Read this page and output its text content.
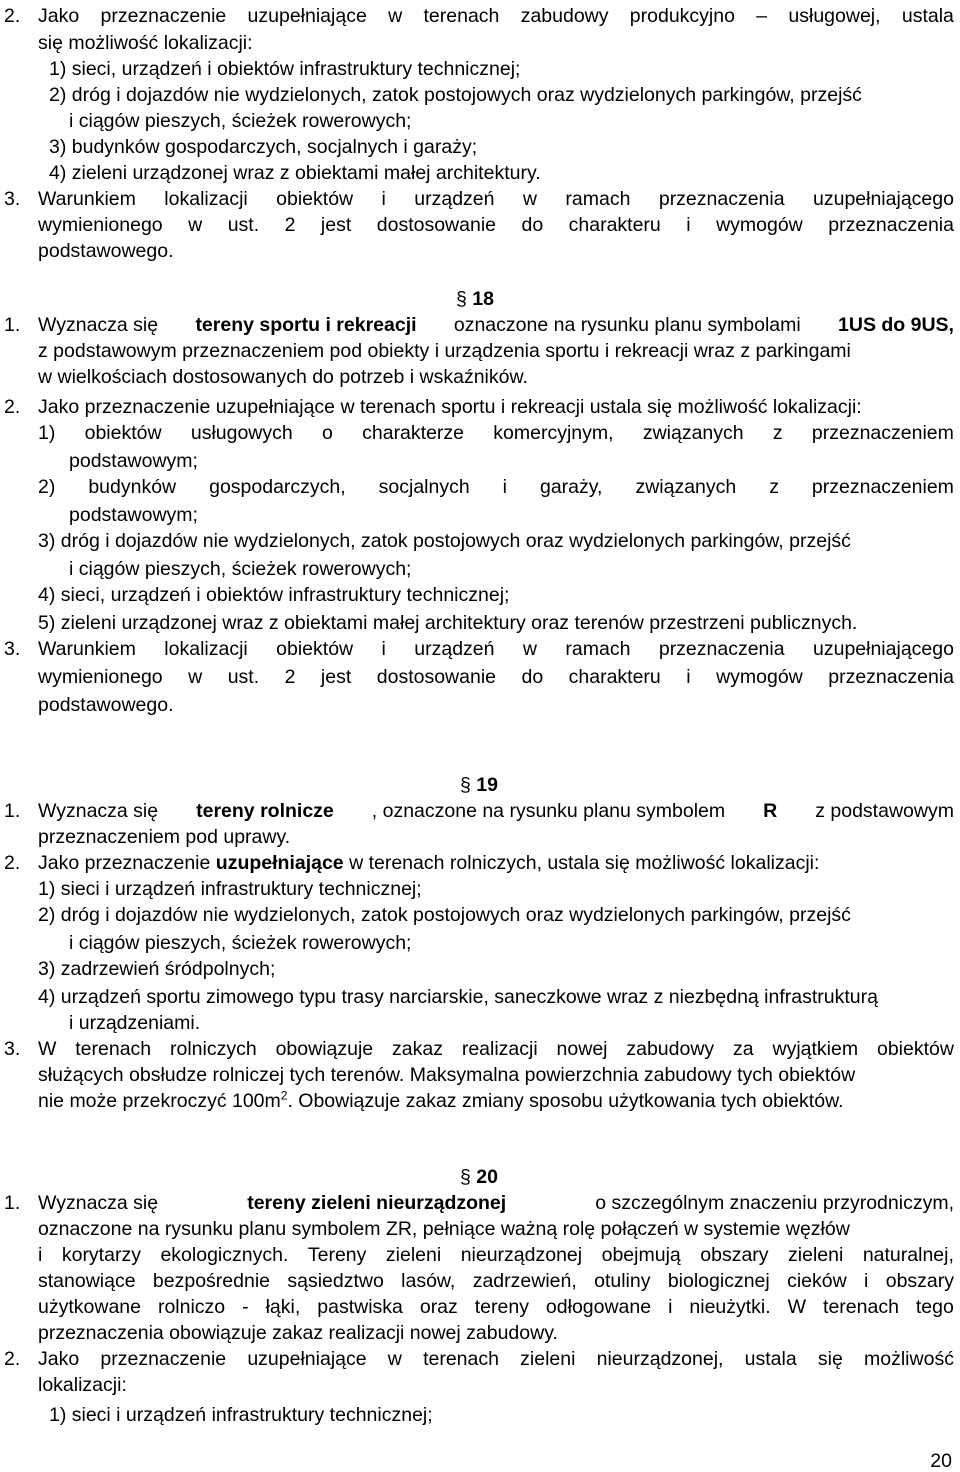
2. Jako przeznaczenie uzupełniające w terenach zabudowy produkcyjno – usługowej, ustala
się możliwość lokalizacji:
1) sieci, urządzeń i obiektów infrastruktury technicznej;
2) dróg i dojazdów nie wydzielonych, zatok postojowych oraz wydzielonych parkingów, przejść
i ciągów pieszych, ścieżek rowerowych;
3) budynków gospodarczych, socjalnych i garaży;
4) zieleni urządzonej wraz z obiektami małej architektury.
3. Warunkiem lokalizacji obiektów i urządzeń w ramach przeznaczenia uzupełniającego
wymienionego w ust. 2 jest dostosowanie do charakteru i wymogów przeznaczenia
podstawowego.
1.
z podstawowym przeznaczeniem pod obiekty i urządzenia sportu i rekreacji wraz z parkingami
w wielkościach dostosowanych do potrzeb i wskaźników.
2. Jako przeznaczenie uzupełniające w terenach sportu i rekreacji ustala się możliwość lokalizacji:
1) obiektów usługowych o charakterze komercyjnym, związanych z przeznaczeniem
podstawowym;
2) budynków gospodarczych, socjalnych i garaży, związanych z przeznaczeniem
podstawowym;
3) dróg i dojazdów nie wydzielonych, zatok postojowych oraz wydzielonych parkingów, przejść
i ciągów pieszych, ścieżek rowerowych;
4) sieci, urządzeń i obiektów infrastruktury technicznej;
5) zieleni urządzonej wraz z obiektami małej architektury oraz terenów przestrzeni publicznych.
3. Warunkiem lokalizacji obiektów i urządzeń w ramach przeznaczenia uzupełniającego
wymienionego w ust. 2 jest dostosowanie do charakteru i wymogów przeznaczenia
podstawowego.
1.
przeznaczeniem pod uprawy.
2.
1) sieci i urządzeń infrastruktury technicznej;
2) dróg i dojazdów nie wydzielonych, zatok postojowych oraz wydzielonych parkingów, przejść
i ciągów pieszych, ścieżek rowerowych;
3) zadrzewień śródpolnych;
4) urządzeń sportu zimowego typu trasy narciarskie, saneczkowe wraz z niezbędną infrastrukturą
i urządzeniami.
3. W terenach rolniczych obowiązuje zakaz realizacji nowej zabudowy za wyjątkiem obiektów
służących obsłudze rolniczej tych terenów. Maksymalna powierzchnia zabudowy tych obiektów
1.
oznaczone na rysunku planu symbolem ZR, pełniące ważną rolę połączeń w systemie węzłów
i korytarzy ekologicznych. Tereny zieleni nieurządzonej obejmują obszary zieleni naturalnej,
stanowiące bezpośrednie sąsiedztwo lasów, zadrzewień, otuliny biologicznej cieków i obszary
użytkowane rolniczo - łąki, pastwiska oraz tereny odłogowane i nieużytki. W terenach tego
przeznaczenia obowiązuje zakaz realizacji nowej zabudowy.
2. Jako przeznaczenie uzupełniające w terenach zieleni nieurządzonej, ustala się możliwość
lokalizacji:
1) sieci i urządzeń infrastruktury technicznej;
§ 18
§ 19
§ 20
Wyznacza się tereny sportu i rekreacji oznaczone na rysunku planu symbolami 1US do 9US,
Wyznacza się tereny rolnicze , oznaczone na rysunku planu symbolem R z podstawowym
Jako przeznaczenie uzupełniające w terenach rolniczych, ustala się możliwość lokalizacji:
nie może przekroczyć $100m^2$. Obowiązuje zakaz zmiany sposobu użytkowania tych obiektów.
Wyznacza się	tereny zieleni nieurządzonej	o szczególnym znaczeniu przyrodniczym,
20
